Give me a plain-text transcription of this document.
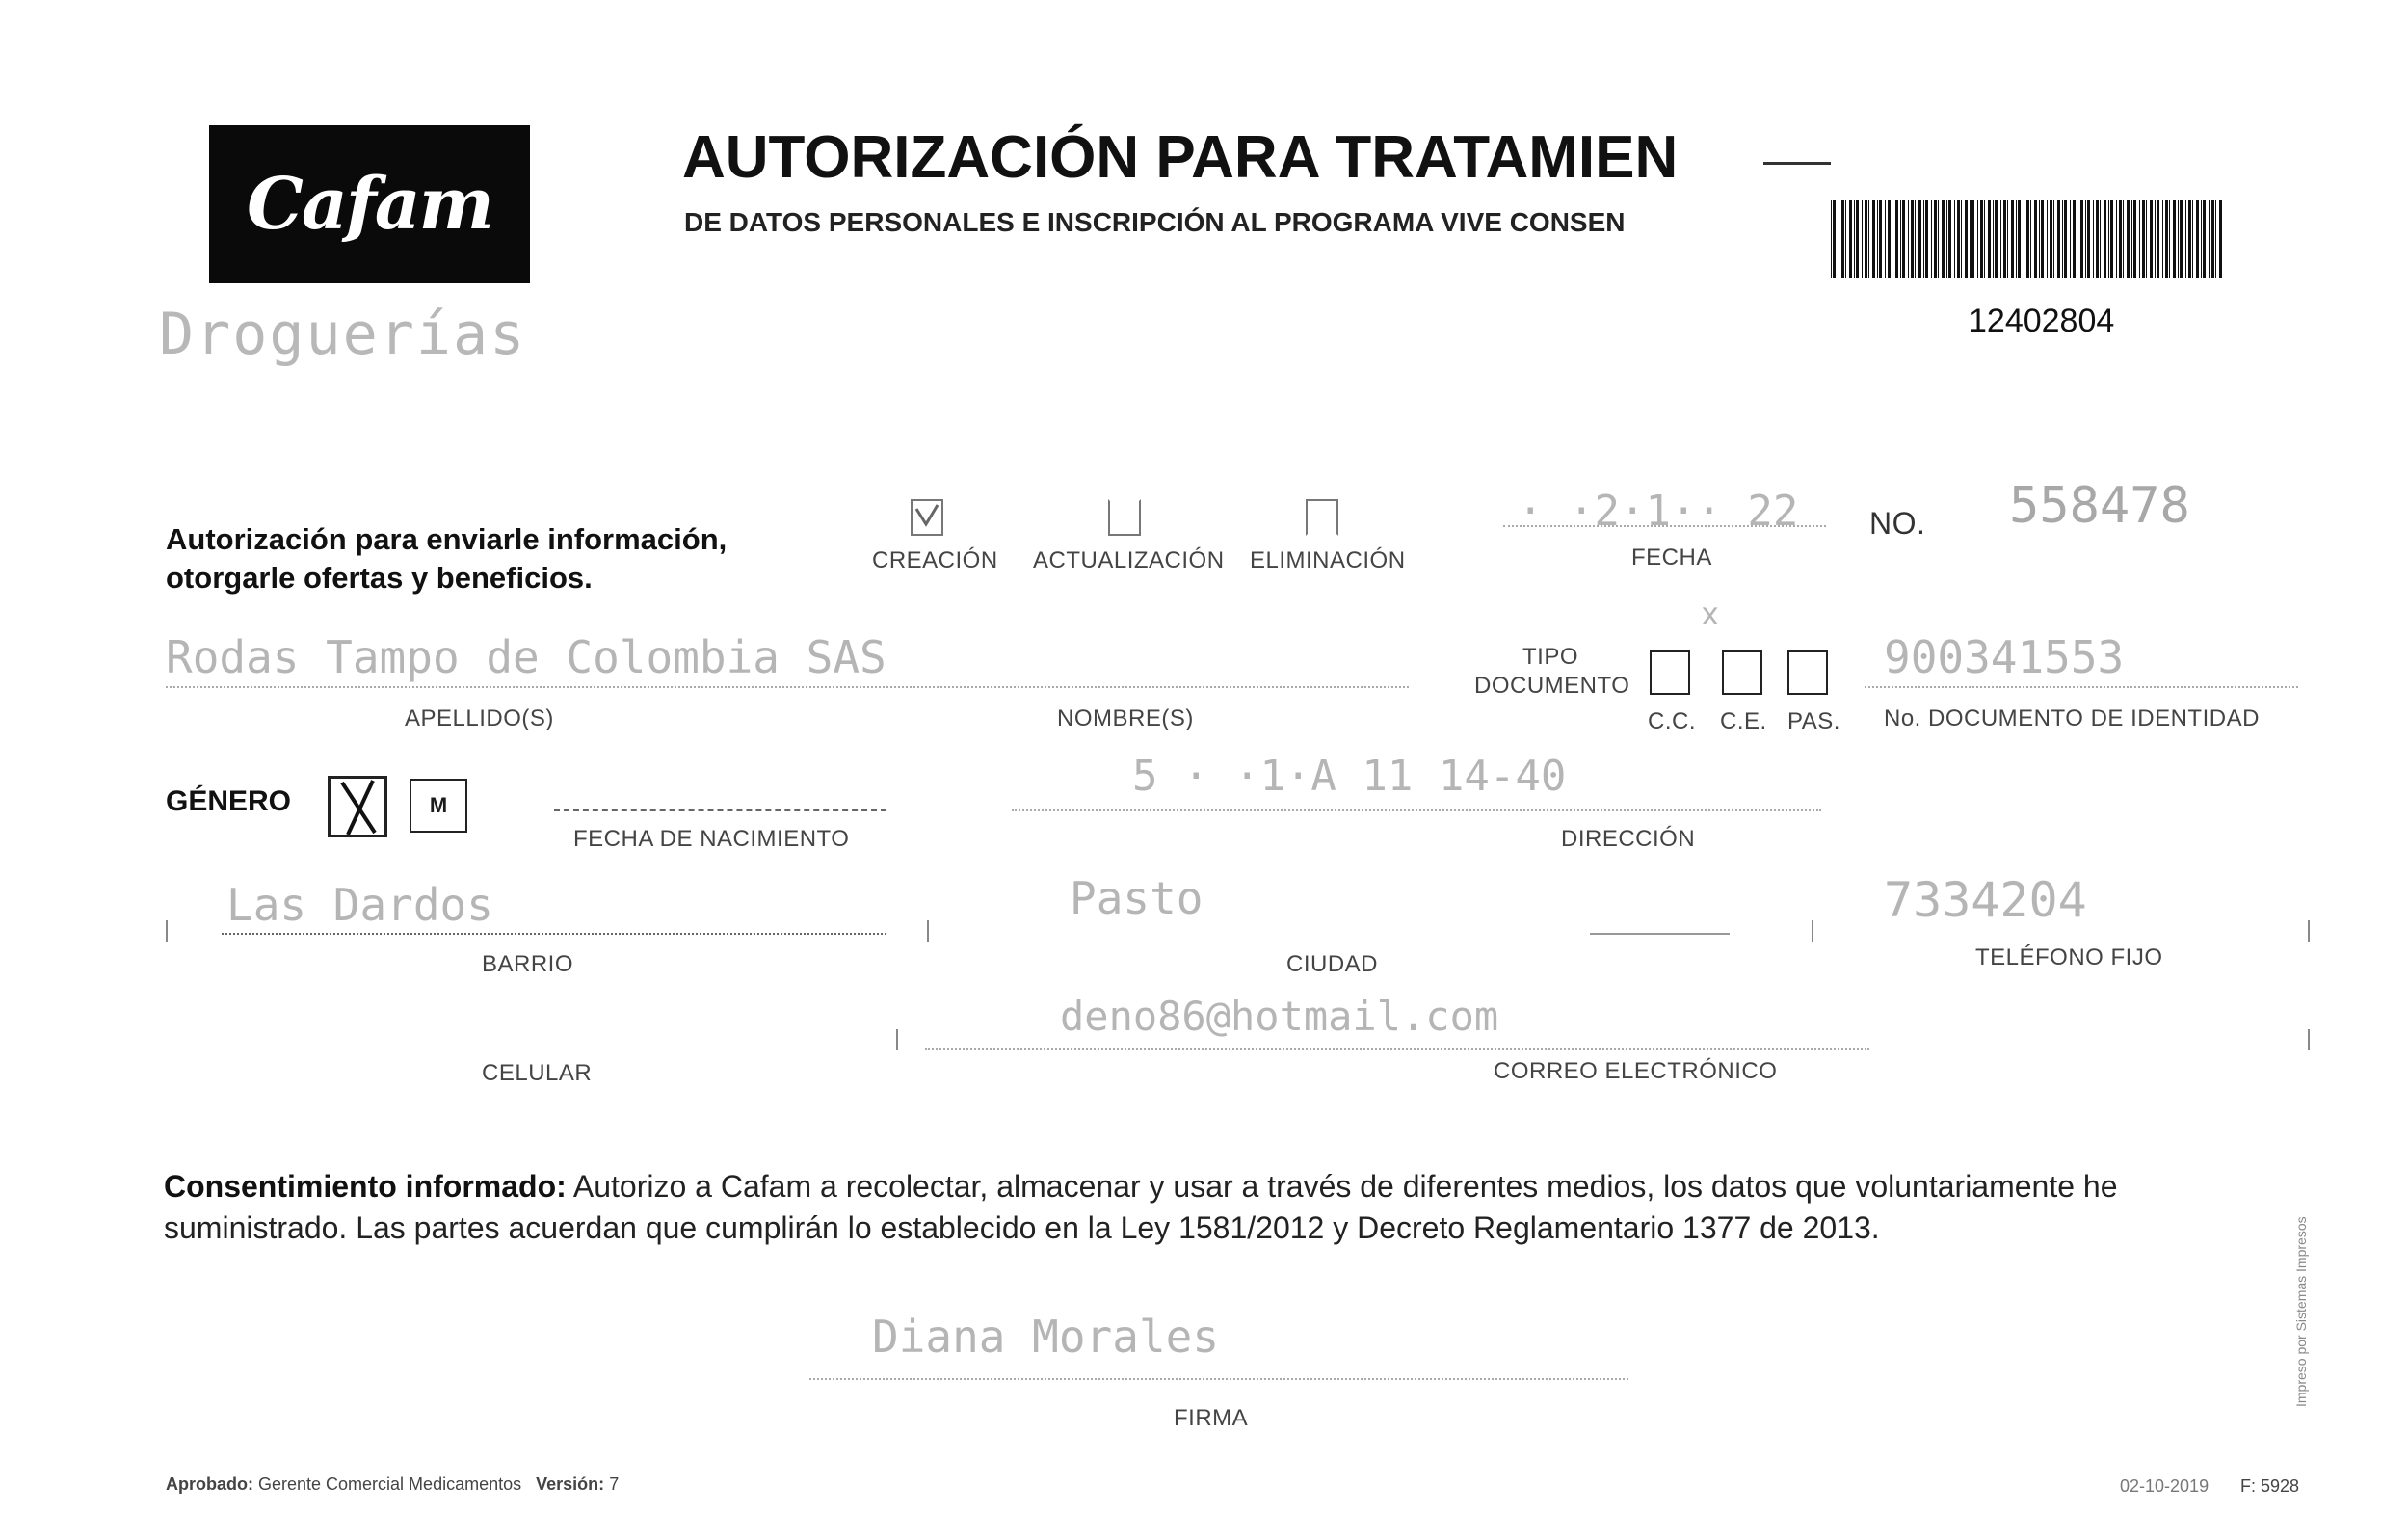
Cafam
Droguerías
AUTORIZACIÓN PARA TRATAMIEN
DE DATOS PERSONALES E INSCRIPCIÓN AL PROGRAMA VIVE CONSEN
12402804
Autorización para enviarle información,
otorgarle ofertas y beneficios.
CREACIÓN ACTUALIZACIÓN ELIMINACIÓN
· ·2·1·· 22
FECHA
NO. 558478
Rodas Tampo de Colombia SAS
APELLIDO(S)	NOMBRE(S)
TIPO
DOCUMENTO
x
C.C. C.E. PAS.
900341553
No. DOCUMENTO DE IDENTIDAD
GÉNERO	M
FECHA DE NACIMIENTO
5 · ·1·A 11 14-40
DIRECCIÓN
Las Dardos
BARRIO
Pasto
CIUDAD
7334204
TELÉFONO FIJO
CELULAR
deno86@hotmail.com
CORREO ELECTRÓNICO
Consentimiento informado: Autorizo a Cafam a recolectar, almacenar y usar a través de diferentes medios, los datos que voluntariamente he suministrado. Las partes acuerdan que cumplirán lo establecido en la Ley 1581/2012 y Decreto Reglamentario 1377 de 2013.
Diana Morales
FIRMA
Aprobado: Gerente Comercial Medicamentos Versión: 7	02-10-2019 F: 5928
Impreso por Sistemas Impresos
